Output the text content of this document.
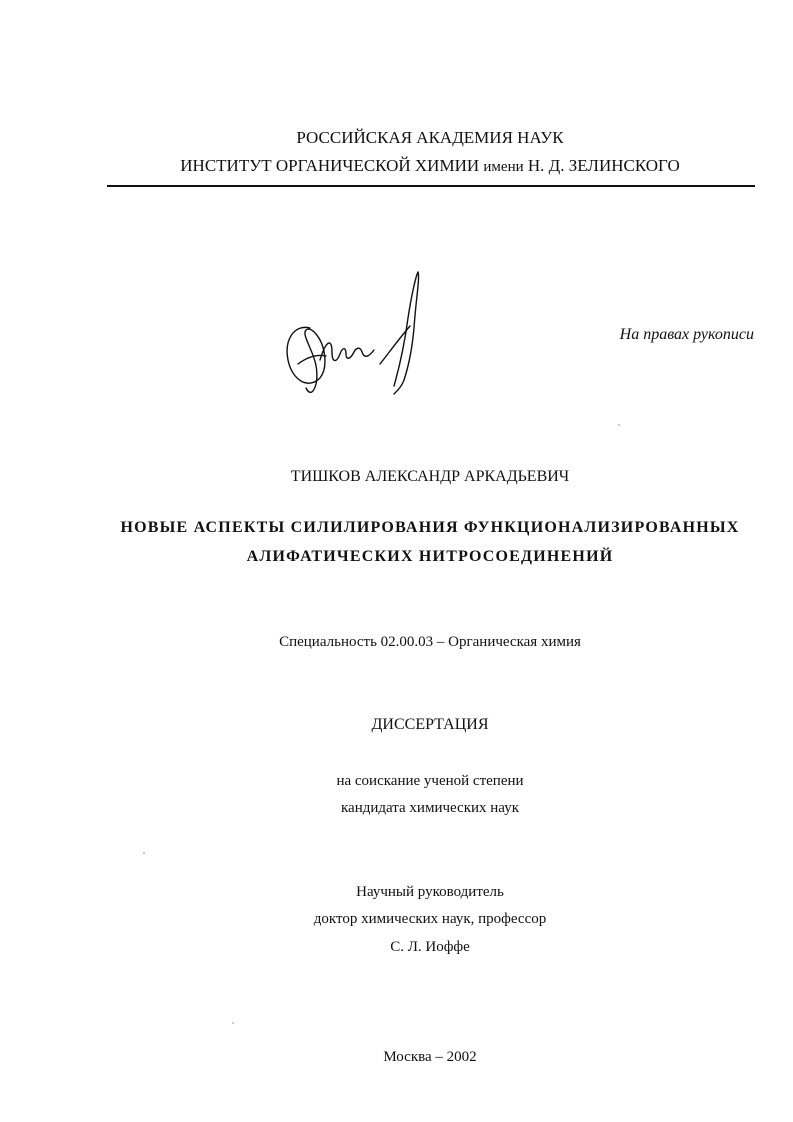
РОССИЙСКАЯ АКАДЕМИЯ НАУК
ИНСТИТУТ ОРГАНИЧЕСКОЙ ХИМИИ имени Н. Д. ЗЕЛИНСКОГО
На правах рукописи
ТИШКОВ АЛЕКСАНДР АРКАДЬЕВИЧ
НОВЫЕ АСПЕКТЫ СИЛИЛИРОВАНИЯ ФУНКЦИОНАЛИЗИРОВАННЫХ
АЛИФАТИЧЕСКИХ НИТРОСОЕДИНЕНИЙ
Специальность 02.00.03 – Органическая химия
ДИССЕРТАЦИЯ
на соискание ученой степени
кандидата химических наук
Научный руководитель
доктор химических наук, профессор
С. Л. Иоффе
Москва – 2002
